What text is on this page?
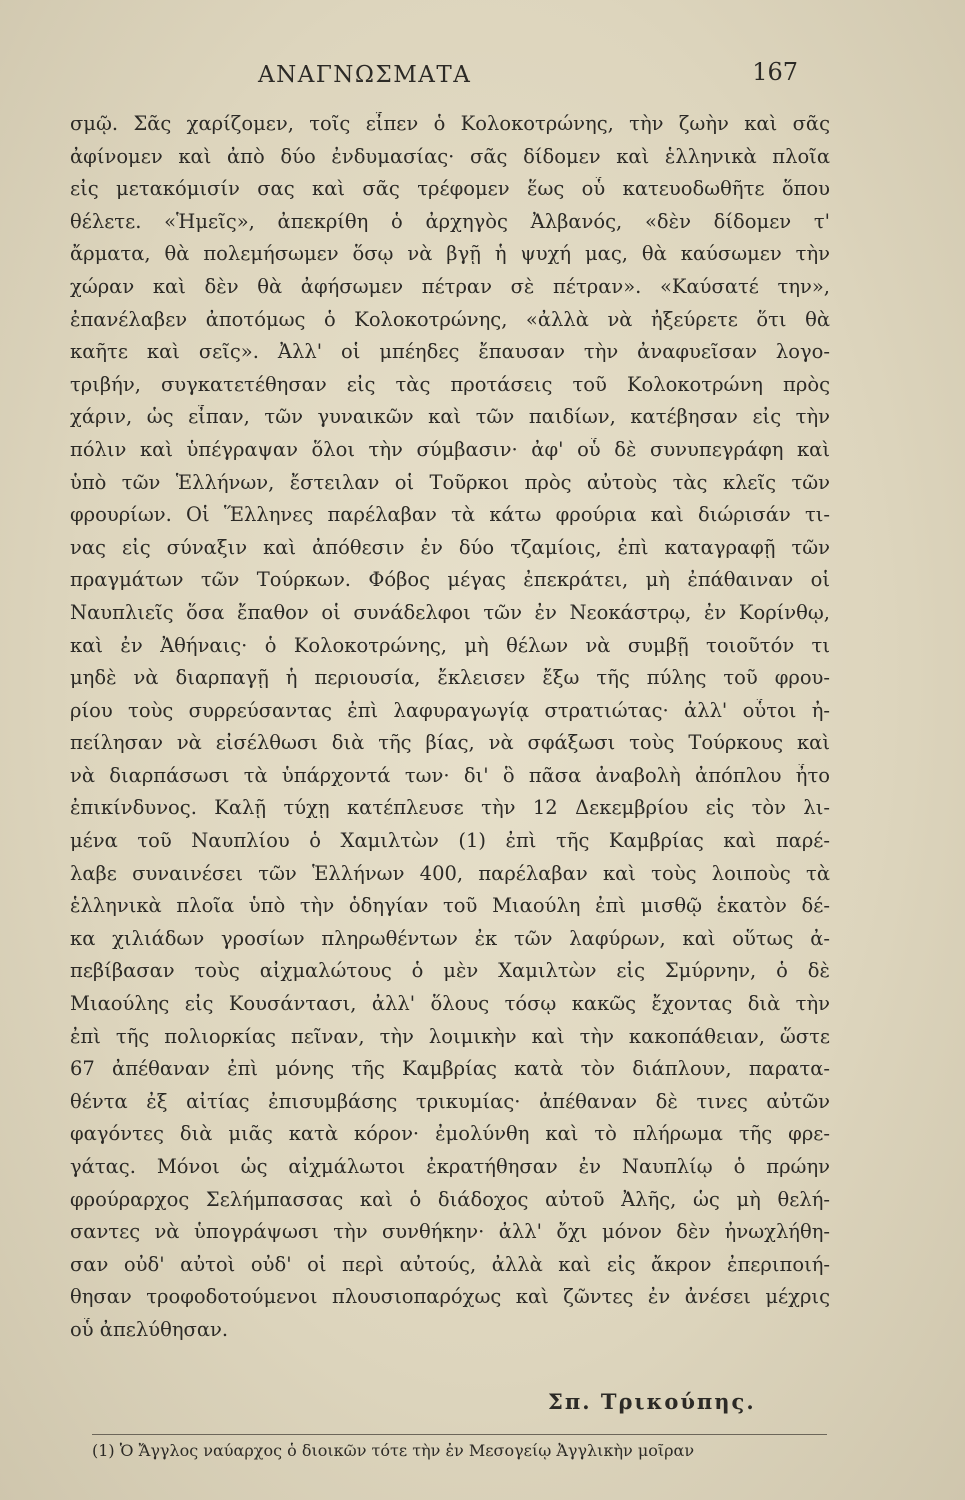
ΑΝΑΓΝΩΣΜΑΤΑ	167
σμῷ. Σᾶς χαρίζομεν, τοῖς εἶπεν ὁ Κολοκοτρώνης, τὴν ζωὴν καὶ σᾶς
ἀφίνομεν καὶ ἀπὸ δύο ἐνδυμασίας· σᾶς δίδομεν καὶ ἑλληνικὰ πλοῖα
εἰς μετακόμισίν σας καὶ σᾶς τρέφομεν ἕως οὗ κατευοδωθῆτε ὅπου
θέλετε. «Ἡμεῖς», ἀπεκρίθη ὁ ἀρχηγὸς Ἀλβανός, «δὲν δίδομεν τ'
ἄρματα, θὰ πολεμήσωμεν ὅσῳ νὰ βγῇ ἡ ψυχή μας, θὰ καύσωμεν τὴν
χώραν καὶ δὲν θὰ ἀφήσωμεν πέτραν σὲ πέτραν». «Καύσατέ την»,
ἐπανέλαβεν ἀποτόμως ὁ Κολοκοτρώνης, «ἀλλὰ νὰ ἠξεύρετε ὅτι θὰ
καῆτε καὶ σεῖς». Ἀλλ' οἱ μπέηδες ἔπαυσαν τὴν ἀναφυεῖσαν λογο-
τριβήν, συγκατετέθησαν εἰς τὰς προτάσεις τοῦ Κολοκοτρώνη πρὸς
χάριν, ὡς εἶπαν, τῶν γυναικῶν καὶ τῶν παιδίων, κατέβησαν εἰς τὴν
πόλιν καὶ ὑπέγραψαν ὅλοι τὴν σύμβασιν· ἀφ' οὗ δὲ συνυπεγράφη καὶ
ὑπὸ τῶν Ἑλλήνων, ἔστειλαν οἱ Τοῦρκοι πρὸς αὐτοὺς τὰς κλεῖς τῶν
φρουρίων. Οἱ Ἕλληνες παρέλαβαν τὰ κάτω φρούρια καὶ διώρισάν τι-
νας εἰς σύναξιν καὶ ἀπόθεσιν ἐν δύο τζαμίοις, ἐπὶ καταγραφῇ τῶν
πραγμάτων τῶν Τούρκων. Φόβος μέγας ἐπεκράτει, μὴ ἐπάθαιναν οἱ
Ναυπλιεῖς ὅσα ἔπαθον οἱ συνάδελφοι τῶν ἐν Νεοκάστρῳ, ἐν Κορίνθῳ,
καὶ ἐν Ἀθήναις· ὁ Κολοκοτρώνης, μὴ θέλων νὰ συμβῇ τοιοῦτόν τι
μηδὲ νὰ διαρπαγῇ ἡ περιουσία, ἔκλεισεν ἔξω τῆς πύλης τοῦ φρου-
ρίου τοὺς συρρεύσαντας ἐπὶ λαφυραγωγίᾳ στρατιώτας· ἀλλ' οὗτοι ἠ-
πείλησαν νὰ εἰσέλθωσι διὰ τῆς βίας, νὰ σφάξωσι τοὺς Τούρκους καὶ
νὰ διαρπάσωσι τὰ ὑπάρχοντά των· δι' ὃ πᾶσα ἀναβολὴ ἀπόπλου ἦτο
ἐπικίνδυνος. Καλῇ τύχῃ κατέπλευσε τὴν 12 Δεκεμβρίου εἰς τὸν λι-
μένα τοῦ Ναυπλίου ὁ Χαμιλτὼν (1) ἐπὶ τῆς Καμβρίας καὶ παρέ-
λαβε συναινέσει τῶν Ἑλλήνων 400, παρέλαβαν καὶ τοὺς λοιποὺς τὰ
ἑλληνικὰ πλοῖα ὑπὸ τὴν ὁδηγίαν τοῦ Μιαούλη ἐπὶ μισθῷ ἑκατὸν δέ-
κα χιλιάδων γροσίων πληρωθέντων ἐκ τῶν λαφύρων, καὶ οὕτως ἀ-
πεβίβασαν τοὺς αἰχμαλώτους ὁ μὲν Χαμιλτὼν εἰς Σμύρνην, ὁ δὲ
Μιαούλης εἰς Κουσάντασι, ἀλλ' ὅλους τόσῳ κακῶς ἔχοντας διὰ τὴν
ἐπὶ τῆς πολιορκίας πεῖναν, τὴν λοιμικὴν καὶ τὴν κακοπάθειαν, ὥστε
67 ἀπέθαναν ἐπὶ μόνης τῆς Καμβρίας κατὰ τὸν διάπλουν, παρατα-
θέντα ἐξ αἰτίας ἐπισυμβάσης τρικυμίας· ἀπέθαναν δὲ τινες αὐτῶν
φαγόντες διὰ μιᾶς κατὰ κόρον· ἐμολύνθη καὶ τὸ πλήρωμα τῆς φρε-
γάτας. Μόνοι ὡς αἰχμάλωτοι ἐκρατήθησαν ἐν Ναυπλίῳ ὁ πρώην
φρούραρχος Σελήμπασσας καὶ ὁ διάδοχος αὐτοῦ Ἀλῆς, ὡς μὴ θελή-
σαντες νὰ ὑπογράψωσι τὴν συνθήκην· ἀλλ' ὄχι μόνον δὲν ἠνωχλήθη-
σαν οὐδ' αὐτοὶ οὐδ' οἱ περὶ αὐτούς, ἀλλὰ καὶ εἰς ἄκρον ἐπεριποιή-
θησαν τροφοδοτούμενοι πλουσιοπαρόχως καὶ ζῶντες ἐν ἀνέσει μέχρις
οὗ ἀπελύθησαν.
Σπ. Τρικούπης.
(1) Ὁ Ἄγγλος ναύαρχος ὁ διοικῶν τότε τὴν ἐν Μεσογείῳ Ἀγγλικὴν μοῖραν
